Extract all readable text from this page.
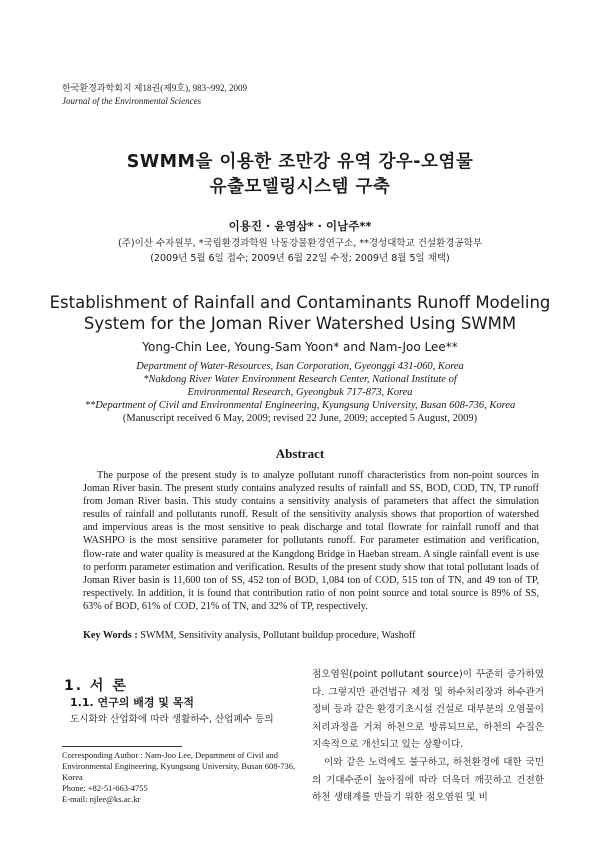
한국환경과학회지 제18권(제9호), 983~992, 2009
Journal of the Environmental Sciences
SWMM을 이용한 조만강 유역 강우-오염물
유출모델링시스템 구축
이용진 · 윤영삼* · 이남주**
(주)이산 수자원부, *국립환경과학원 낙동강물환경연구소, **경성대학교 건설환경공학부
(2009년 5월 6일 접수; 2009년 6월 22일 수정; 2009년 8월 5일 채택)
Establishment of Rainfall and Contaminants Runoff Modeling
System for the Joman River Watershed Using SWMM
Yong-Chin Lee, Young-Sam Yoon* and Nam-Joo Lee**
Department of Water-Resources, Isan Corporation, Gyeonggi 431-060, Korea
*Nakdong River Water Environment Research Center, National Institute of
Environmental Research, Gyeongbuk 717-873, Korea
**Department of Civil and Environmental Engineering, Kyungsung University, Busan 608-736, Korea
(Manuscript received 6 May, 2009; revised 22 June, 2009; accepted 5 August, 2009)
Abstract
The purpose of the present study is to analyze pollutant runoff characteristics from non-point sources in Joman River basin. The present study contains analyzed results of rainfall and SS, BOD, COD, TN, TP runoff from Joman River basin. This study contains a sensitivity analysis of parameters that affect the simulation results of rainfall and pollutants runoff. Result of the sensitivity analysis shows that proportion of watershed and impervious areas is the most sensitive to peak discharge and total flowrate for rainfall runoff and that WASHPO is the most sensitive parameter for pollutants runoff. For parameter estimation and verification, flow-rate and water quality is measured at the Kangdong Bridge in Haeban stream. A single rainfall event is use to perform parameter estimation and verification. Results of the present study show that total pollutant loads of Joman River basin is 11,600 ton of SS, 452 ton of BOD, 1,084 ton of COD, 515 ton of TN, and 49 ton of TP, respectively. In addition, it is found that contribution ratio of non point source and total source is 89% of SS, 63% of BOD, 61% of COD, 21% of TN, and 32% of TP, respectively.
Key Words : SWMM, Sensitivity analysis, Pollutant buildup procedure, Washoff
1. 서 론
1.1. 연구의 배경 및 목적
도시화와 산업화에 따라 생활하수, 산업폐수 등의
Corresponding Author : Nam-Joo Lee, Department of Civil and Environmental Engineering, Kyungsung University, Busan 608-736, Korea
Phone: +82-51-663-4755
E-mail: njlee@ks.ac.kr

점오염원(point pollutant source)이 꾸준히 증가하였다. 그렇지만 관련법규 제정 및 하수처리장과 하수관거정비 등과 같은 환경기초시설 건설로 대부분의 오염물이 처리과정을 거쳐 하천으로 방류되므로, 하천의 수질은 지속적으로 개선되고 있는 상황이다.

이와 같은 노력에도 불구하고, 하천환경에 대한 국민의 기대수준이 높아짐에 따라 더욱더 깨끗하고 건전한 하천 생태계를 만들기 위한 점오염원 및 비
